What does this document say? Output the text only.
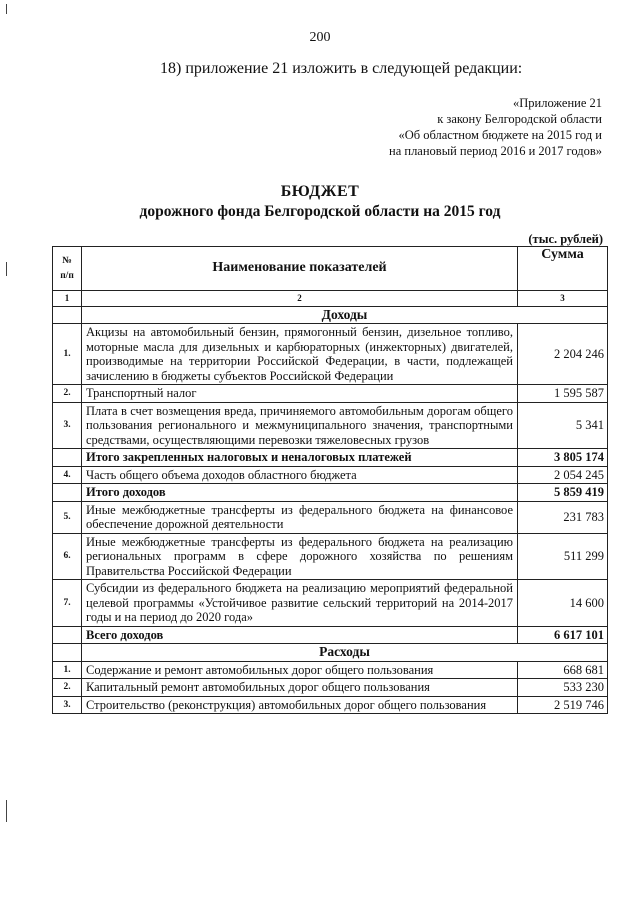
200
18) приложение 21 изложить в следующей редакции:
«Приложение 21
к закону Белгородской области
«Об областном бюджете на 2015 год и
на плановый период 2016 и 2017 годов»
БЮДЖЕТ
дорожного фонда Белгородской области на 2015 год
(тыс. рублей)
№ п/п	Наименование показателей	Сумма
1	2	3
	Доходы	
1.	Акцизы на автомобильный бензин, прямогонный бензин, дизельное топливо, моторные масла для дизельных и карбюраторных (инжекторных) двигателей, производимые на территории Российской Федерации, в части, подлежащей зачислению в бюджеты субъектов Российской Федерации	2 204 246
2.	Транспортный налог	1 595 587
3.	Плата в счет возмещения вреда, причиняемого автомобильным дорогам общего пользования регионального и межмуниципального значения, транспортными средствами, осуществляющими перевозки тяжеловесных грузов	5 341
	Итого закрепленных налоговых и неналоговых платежей	3 805 174
4.	Часть общего объема доходов областного бюджета	2 054 245
	Итого доходов	5 859 419
5.	Иные межбюджетные трансферты из федерального бюджета на финансовое обеспечение дорожной деятельности	231 783
6.	Иные межбюджетные трансферты из федерального бюджета на реализацию региональных программ в сфере дорожного хозяйства по решениям Правительства Российской Федерации	511 299
7.	Субсидии из федерального бюджета на реализацию мероприятий федеральной целевой программы «Устойчивое развитие сельский территорий на 2014-2017 годы и на период до 2020 года»	14 600
	Всего доходов	6 617 101
	Расходы	
1.	Содержание и ремонт автомобильных дорог общего пользования	668 681
2.	Капитальный ремонт автомобильных дорог общего пользования	533 230
3.	Строительство (реконструкция) автомобильных дорог общего пользования	2 519 746
